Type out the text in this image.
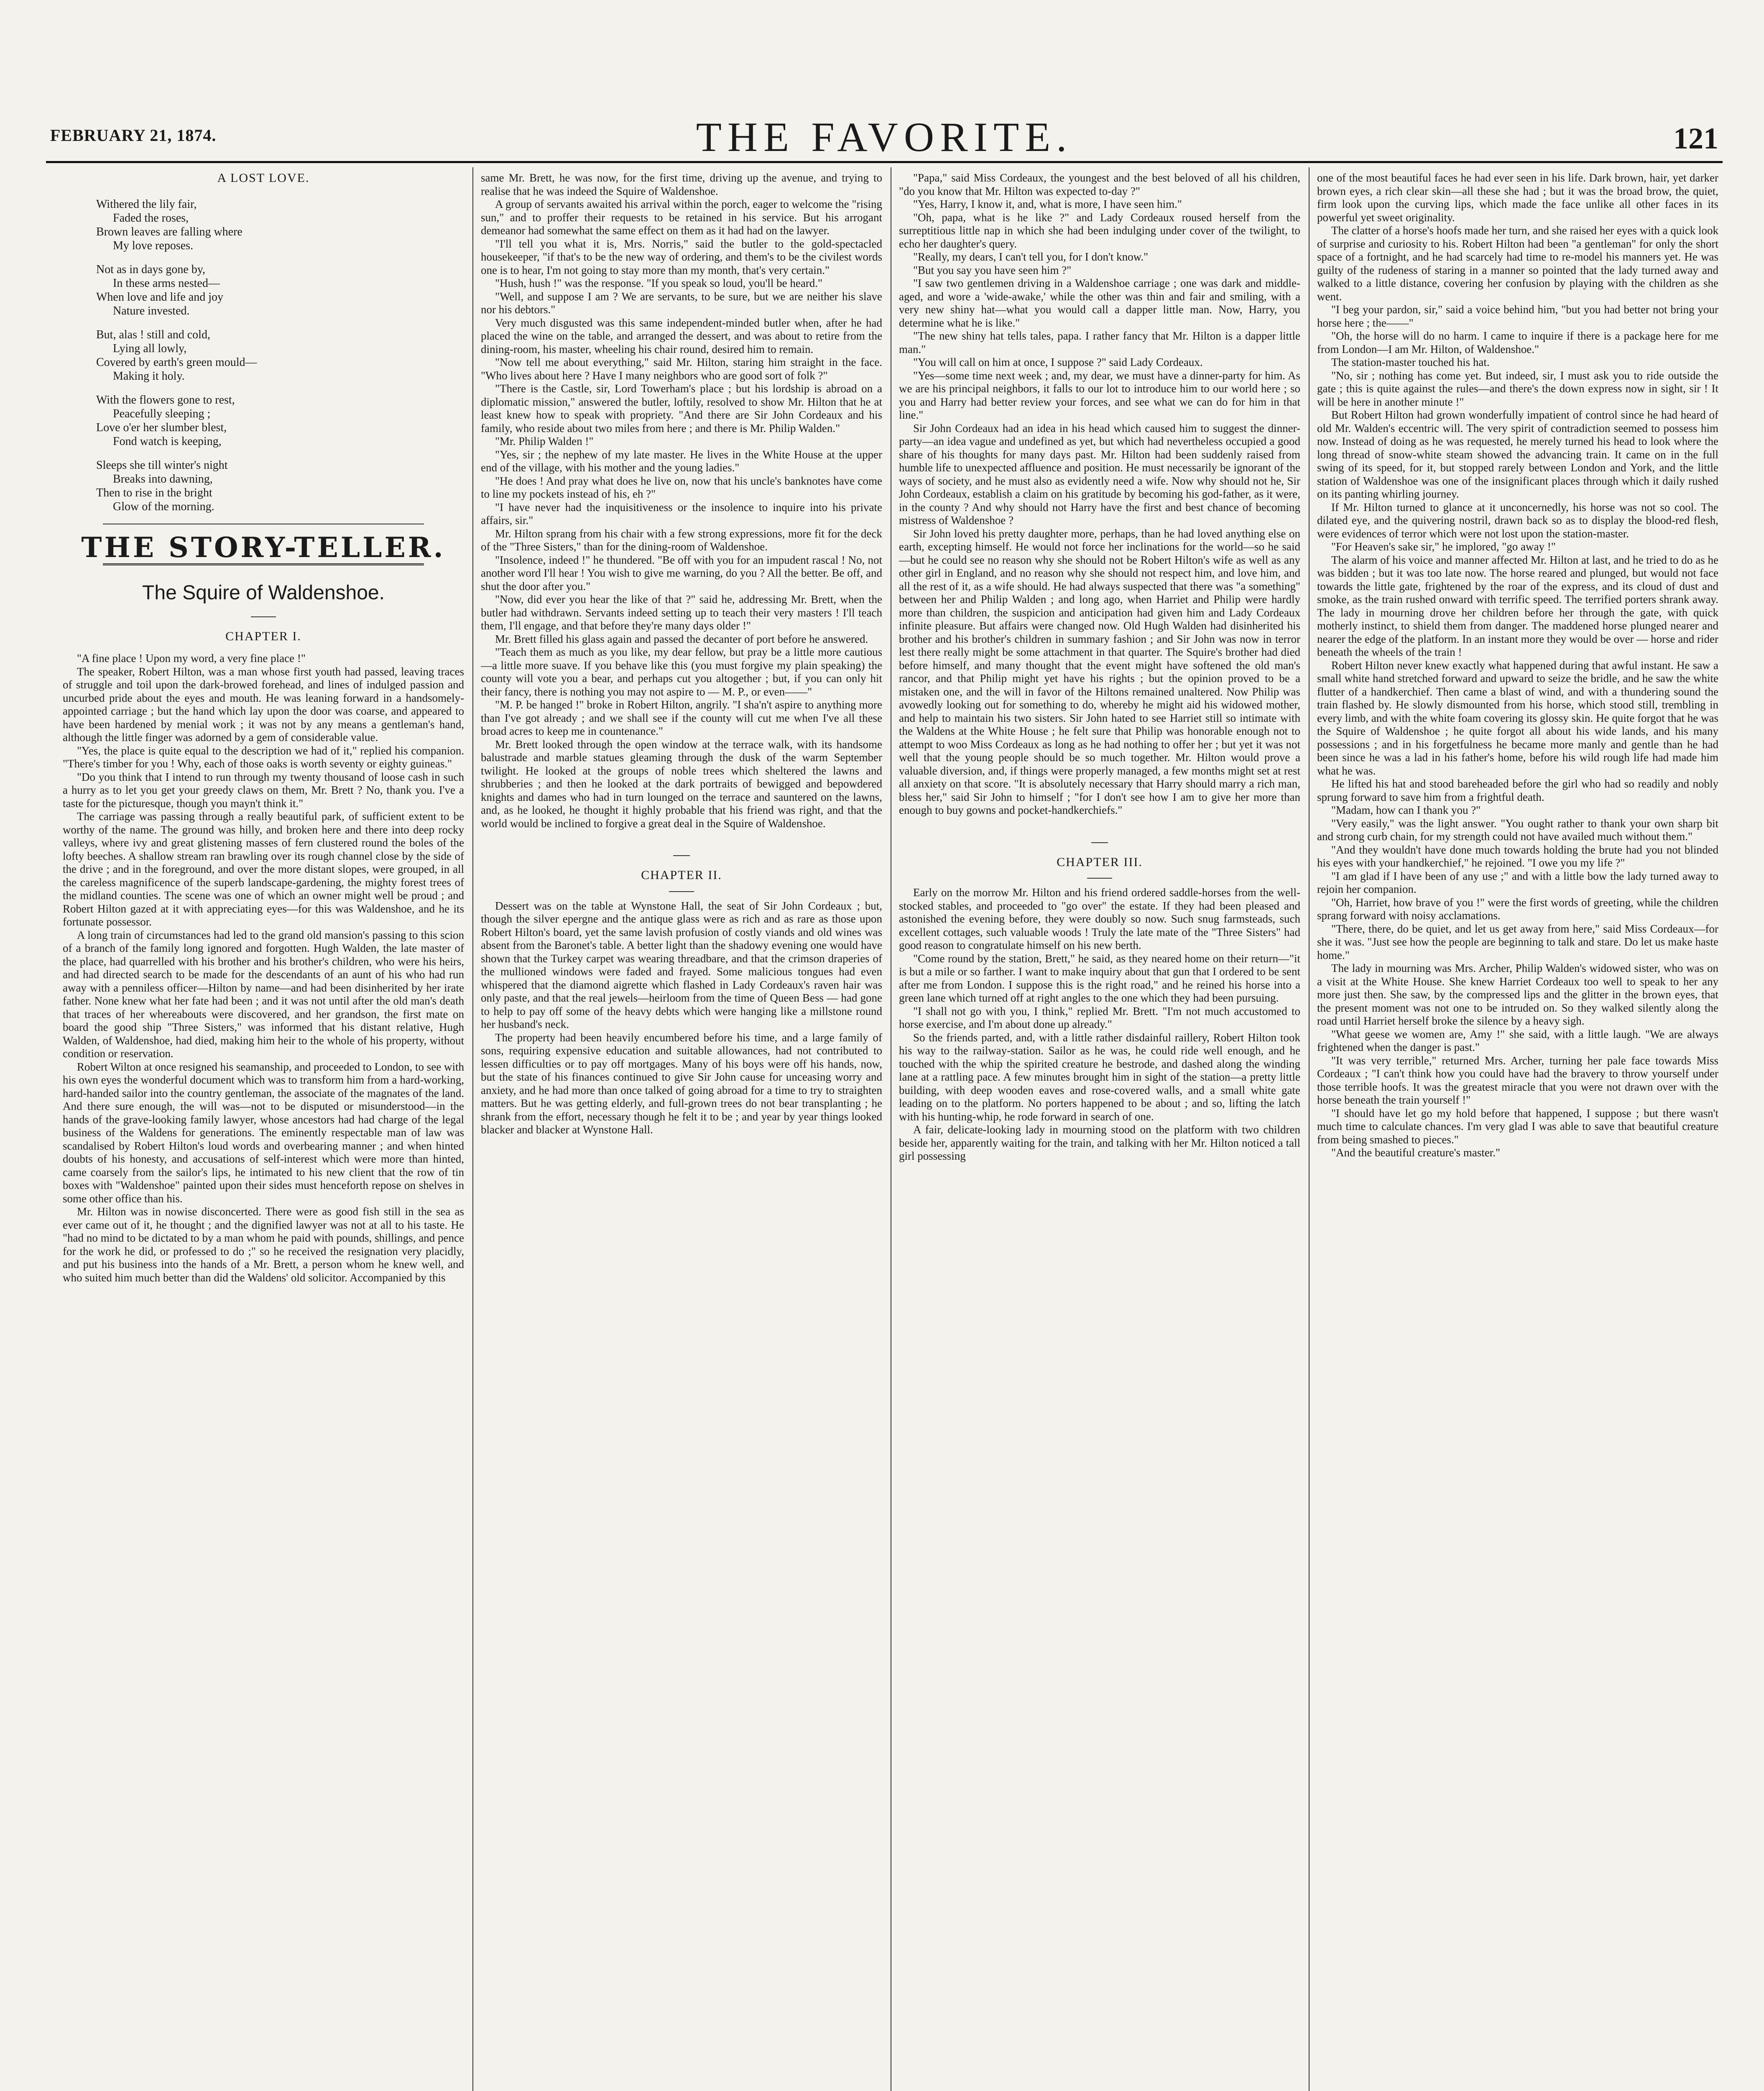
FEBRUARY 21, 1874.	THE FAVORITE.	121
A LOST LOVE.
Withered the lily fair,
Faded the roses,
Brown leaves are falling where
My love reposes.
Not as in days gone by,
In these arms nested—
When love and life and joy
Nature invested.
But, alas ! still and cold,
Lying all lowly,
Covered by earth's green mould—
Making it holy.
With the flowers gone to rest,
Peacefully sleeping ;
Love o'er her slumber blest,
Fond watch is keeping,
Sleeps she till winter's night
Breaks into dawning,
Then to rise in the bright
Glow of the morning.
THE STORY-TELLER.
The Squire of Waldenshoe.
CHAPTER I.

"A fine place ! Upon my word, a very fine place !"

The speaker, Robert Hilton, was a man whose first youth had passed, leaving traces of struggle and toil upon the dark-browed forehead, and lines of indulged passion and uncurbed pride about the eyes and mouth. He was leaning forward in a handsomely-appointed carriage ; but the hand which lay upon the door was coarse, and appeared to have been hardened by menial work ; it was not by any means a gentleman's hand, although the little finger was adorned by a gem of considerable value.

"Yes, the place is quite equal to the description we had of it," replied his companion. "There's timber for you ! Why, each of those oaks is worth seventy or eighty guineas."

"Do you think that I intend to run through my twenty thousand of loose cash in such a hurry as to let you get your greedy claws on them, Mr. Brett ? No, thank you. I've a taste for the picturesque, though you mayn't think it."

The carriage was passing through a really beautiful park, of sufficient extent to be worthy of the name. The ground was hilly, and broken here and there into deep rocky valleys, where ivy and great glistening masses of fern clustered round the boles of the lofty beeches. A shallow stream ran brawling over its rough channel close by the side of the drive ; and in the foreground, and over the more distant slopes, were grouped, in all the careless magnificence of the superb landscape-gardening, the mighty forest trees of the midland counties. The scene was one of which an owner might well be proud ; and Robert Hilton gazed at it with appreciating eyes—for this was Waldenshoe, and he its fortunate possessor.

A long train of circumstances had led to the grand old mansion's passing to this scion of a branch of the family long ignored and forgotten. Hugh Walden, the late master of the place, had quarrelled with his brother and his brother's children, who were his heirs, and had directed search to be made for the descendants of an aunt of his who had run away with a penniless officer—Hilton by name—and had been disinherited by her irate father. None knew what her fate had been ; and it was not until after the old man's death that traces of her whereabouts were discovered, and her grandson, the first mate on board the good ship "Three Sisters," was informed that his distant relative, Hugh Walden, of Waldenshoe, had died, making him heir to the whole of his property, without condition or reservation.

Robert Wilton at once resigned his seamanship, and proceeded to London, to see with his own eyes the wonderful document which was to transform him from a hard-working, hard-handed sailor into the country gentleman, the associate of the magnates of the land. And there sure enough, the will was—not to be disputed or misunderstood—in the hands of the grave-looking family lawyer, whose ancestors had had charge of the legal business of the Waldens for generations. The eminently respectable man of law was scandalised by Robert Hilton's loud words and overbearing manner ; and when hinted doubts of his honesty, and accusations of self-interest which were more than hinted, came coarsely from the sailor's lips, he intimated to his new client that the row of tin boxes with "Waldenshoe" painted upon their sides must henceforth repose on shelves in some other office than his.

Mr. Hilton was in nowise disconcerted. There were as good fish still in the sea as ever came out of it, he thought ; and the dignified lawyer was not at all to his taste. He "had no mind to be dictated to by a man whom he paid with pounds, shillings, and pence for the work he did, or professed to do ;" so he received the resignation very placidly, and put his business into the hands of a Mr. Brett, a person whom he knew well, and who suited him much better than did the Waldens' old solicitor. Accompanied by this

same Mr. Brett, he was now, for the first time, driving up the avenue, and trying to realise that he was indeed the Squire of Waldenshoe.

A group of servants awaited his arrival within the porch, eager to welcome the "rising sun," and to proffer their requests to be retained in his service. But his arrogant demeanor had somewhat the same effect on them as it had had on the lawyer.

"I'll tell you what it is, Mrs. Norris," said the butler to the gold-spectacled housekeeper, "if that's to be the new way of ordering, and them's to be the civilest words one is to hear, I'm not going to stay more than my month, that's very certain."

"Hush, hush !" was the response. "If you speak so loud, you'll be heard."

"Well, and suppose I am ? We are servants, to be sure, but we are neither his slave nor his debtors."

Very much disgusted was this same independent-minded butler when, after he had placed the wine on the table, and arranged the dessert, and was about to retire from the dining-room, his master, wheeling his chair round, desired him to remain.

"Now tell me about everything," said Mr. Hilton, staring him straight in the face. "Who lives about here ? Have I many neighbors who are good sort of folk ?"

"There is the Castle, sir, Lord Towerham's place ; but his lordship is abroad on a diplomatic mission," answered the butler, loftily, resolved to show Mr. Hilton that he at least knew how to speak with propriety. "And there are Sir John Cordeaux and his family, who reside about two miles from here ; and there is Mr. Philip Walden."

"Mr. Philip Walden !"

"Yes, sir ; the nephew of my late master. He lives in the White House at the upper end of the village, with his mother and the young ladies."

"He does ! And pray what does he live on, now that his uncle's banknotes have come to line my pockets instead of his, eh ?"

"I have never had the inquisitiveness or the insolence to inquire into his private affairs, sir."

Mr. Hilton sprang from his chair with a few strong expressions, more fit for the deck of the "Three Sisters," than for the dining-room of Waldenshoe.

"Insolence, indeed !" he thundered. "Be off with you for an impudent rascal ! No, not another word I'll hear ! You wish to give me warning, do you ? All the better. Be off, and shut the door after you."

"Now, did ever you hear the like of that ?" said he, addressing Mr. Brett, when the butler had withdrawn. Servants indeed setting up to teach their very masters ! I'll teach them, I'll engage, and that before they're many days older !"

Mr. Brett filled his glass again and passed the decanter of port before he answered.

"Teach them as much as you like, my dear fellow, but pray be a little more cautious—a little more suave. If you behave like this (you must forgive my plain speaking) the county will vote you a bear, and perhaps cut you altogether ; but, if you can only hit their fancy, there is nothing you may not aspire to — M. P., or even——"

"M. P. be hanged !" broke in Robert Hilton, angrily. "I sha'n't aspire to anything more than I've got already ; and we shall see if the county will cut me when I've all these broad acres to keep me in countenance."

Mr. Brett looked through the open window at the terrace walk, with its handsome balustrade and marble statues gleaming through the dusk of the warm September twilight. He looked at the groups of noble trees which sheltered the lawns and shrubberies ; and then he looked at the dark portraits of bewigged and bepowdered knights and dames who had in turn lounged on the terrace and sauntered on the lawns, and, as he looked, he thought it highly probable that his friend was right, and that the world would be inclined to forgive a great deal in the Squire of Waldenshoe.

CHAPTER II.

Dessert was on the table at Wynstone Hall, the seat of Sir John Cordeaux ; but, though the silver epergne and the antique glass were as rich and as rare as those upon Robert Hilton's board, yet the same lavish profusion of costly viands and old wines was absent from the Baronet's table. A better light than the shadowy evening one would have shown that the Turkey carpet was wearing threadbare, and that the crimson draperies of the mullioned windows were faded and frayed. Some malicious tongues had even whispered that the diamond aigrette which flashed in Lady Cordeaux's raven hair was only paste, and that the real jewels—heirloom from the time of Queen Bess — had gone to help to pay off some of the heavy debts which were hanging like a millstone round her husband's neck.

The property had been heavily encumbered before his time, and a large family of sons, requiring expensive education and suitable allowances, had not contributed to lessen difficulties or to pay off mortgages. Many of his boys were off his hands, now, but the state of his finances continued to give Sir John cause for unceasing worry and anxiety, and he had more than once talked of going abroad for a time to try to straighten matters. But he was getting elderly, and full-grown trees do not bear transplanting ; he shrank from the effort, necessary though he felt it to be ; and year by year things looked blacker and blacker at Wynstone Hall.

"Papa," said Miss Cordeaux, the youngest and the best beloved of all his children, "do you know that Mr. Hilton was expected to-day ?"

"Yes, Harry, I know it, and, what is more, I have seen him."

"Oh, papa, what is he like ?" and Lady Cordeaux roused herself from the surreptitious little nap in which she had been indulging under cover of the twilight, to echo her daughter's query.

"Really, my dears, I can't tell you, for I don't know."

"But you say you have seen him ?"

"I saw two gentlemen driving in a Waldenshoe carriage ; one was dark and middle-aged, and wore a 'wide-awake,' while the other was thin and fair and smiling, with a very new shiny hat—what you would call a dapper little man. Now, Harry, you determine what he is like."

"The new shiny hat tells tales, papa. I rather fancy that Mr. Hilton is a dapper little man."

"You will call on him at once, I suppose ?" said Lady Cordeaux.

"Yes—some time next week ; and, my dear, we must have a dinner-party for him. As we are his principal neighbors, it falls to our lot to introduce him to our world here ; so you and Harry had better review your forces, and see what we can do for him in that line."

Sir John Cordeaux had an idea in his head which caused him to suggest the dinner-party—an idea vague and undefined as yet, but which had nevertheless occupied a good share of his thoughts for many days past. Mr. Hilton had been suddenly raised from humble life to unexpected affluence and position. He must necessarily be ignorant of the ways of society, and he must also as evidently need a wife. Now why should not he, Sir John Cordeaux, establish a claim on his gratitude by becoming his god-father, as it were, in the county ? And why should not Harry have the first and best chance of becoming mistress of Waldenshoe ?

Sir John loved his pretty daughter more, perhaps, than he had loved anything else on earth, excepting himself. He would not force her inclinations for the world—so he said—but he could see no reason why she should not be Robert Hilton's wife as well as any other girl in England, and no reason why she should not respect him, and love him, and all the rest of it, as a wife should. He had always suspected that there was "a something" between her and Philip Walden ; and long ago, when Harriet and Philip were hardly more than children, the suspicion and anticipation had given him and Lady Cordeaux infinite pleasure. But affairs were changed now. Old Hugh Walden had disinherited his brother and his brother's children in summary fashion ; and Sir John was now in terror lest there really might be some attachment in that quarter. The Squire's brother had died before himself, and many thought that the event might have softened the old man's rancor, and that Philip might yet have his rights ; but the opinion proved to be a mistaken one, and the will in favor of the Hiltons remained unaltered. Now Philip was avowedly looking out for something to do, whereby he might aid his widowed mother, and help to maintain his two sisters. Sir John hated to see Harriet still so intimate with the Waldens at the White House ; he felt sure that Philip was honorable enough not to attempt to woo Miss Cordeaux as long as he had nothing to offer her ; but yet it was not well that the young people should be so much together. Mr. Hilton would prove a valuable diversion, and, if things were properly managed, a few months might set at rest all anxiety on that score. "It is absolutely necessary that Harry should marry a rich man, bless her," said Sir John to himself ; "for I don't see how I am to give her more than enough to buy gowns and pocket-handkerchiefs."

CHAPTER III.

Early on the morrow Mr. Hilton and his friend ordered saddle-horses from the well-stocked stables, and proceeded to "go over" the estate. If they had been pleased and astonished the evening before, they were doubly so now. Such snug farmsteads, such excellent cottages, such valuable woods ! Truly the late mate of the "Three Sisters" had good reason to congratulate himself on his new berth.

"Come round by the station, Brett," he said, as they neared home on their return—"it is but a mile or so farther. I want to make inquiry about that gun that I ordered to be sent after me from London. I suppose this is the right road," and he reined his horse into a green lane which turned off at right angles to the one which they had been pursuing.

"I shall not go with you, I think," replied Mr. Brett. "I'm not much accustomed to horse exercise, and I'm about done up already."

So the friends parted, and, with a little rather disdainful raillery, Robert Hilton took his way to the railway-station. Sailor as he was, he could ride well enough, and he touched with the whip the spirited creature he bestrode, and dashed along the winding lane at a rattling pace. A few minutes brought him in sight of the station—a pretty little building, with deep wooden eaves and rose-covered walls, and a small white gate leading on to the platform. No porters happened to be about ; and so, lifting the latch with his hunting-whip, he rode forward in search of one.

A fair, delicate-looking lady in mourning stood on the platform with two children beside her, apparently waiting for the train, and talking with her Mr. Hilton noticed a tall girl possessing

one of the most beautiful faces he had ever seen in his life. Dark brown, hair, yet darker brown eyes, a rich clear skin—all these she had ; but it was the broad brow, the quiet, firm look upon the curving lips, which made the face unlike all other faces in its powerful yet sweet originality.

The clatter of a horse's hoofs made her turn, and she raised her eyes with a quick look of surprise and curiosity to his. Robert Hilton had been "a gentleman" for only the short space of a fortnight, and he had scarcely had time to re-model his manners yet. He was guilty of the rudeness of staring in a manner so pointed that the lady turned away and walked to a little distance, covering her confusion by playing with the children as she went.

"I beg your pardon, sir," said a voice behind him, "but you had better not bring your horse here ; the——"

"Oh, the horse will do no harm. I came to inquire if there is a package here for me from London—I am Mr. Hilton, of Waldenshoe."

The station-master touched his hat.

"No, sir ; nothing has come yet. But indeed, sir, I must ask you to ride outside the gate ; this is quite against the rules—and there's the down express now in sight, sir ! It will be here in another minute !"

But Robert Hilton had grown wonderfully impatient of control since he had heard of old Mr. Walden's eccentric will. The very spirit of contradiction seemed to possess him now. Instead of doing as he was requested, he merely turned his head to look where the long thread of snow-white steam showed the advancing train. It came on in the full swing of its speed, for it, but stopped rarely between London and York, and the little station of Waldenshoe was one of the insignificant places through which it daily rushed on its panting whirling journey.

If Mr. Hilton turned to glance at it unconcernedly, his horse was not so cool. The dilated eye, and the quivering nostril, drawn back so as to display the blood-red flesh, were evidences of terror which were not lost upon the station-master.

"For Heaven's sake sir," he implored, "go away !"

The alarm of his voice and manner affected Mr. Hilton at last, and he tried to do as he was bidden ; but it was too late now. The horse reared and plunged, but would not face towards the little gate, frightened by the roar of the express, and its cloud of dust and smoke, as the train rushed onward with terrific speed. The terrified porters shrank away. The lady in mourning drove her children before her through the gate, with quick motherly instinct, to shield them from danger. The maddened horse plunged nearer and nearer the edge of the platform. In an instant more they would be over — horse and rider beneath the wheels of the train !

Robert Hilton never knew exactly what happened during that awful instant. He saw a small white hand stretched forward and upward to seize the bridle, and he saw the white flutter of a handkerchief. Then came a blast of wind, and with a thundering sound the train flashed by. He slowly dismounted from his horse, which stood still, trembling in every limb, and with the white foam covering its glossy skin. He quite forgot that he was the Squire of Waldenshoe ; he quite forgot all about his wide lands, and his many possessions ; and in his forgetfulness he became more manly and gentle than he had been since he was a lad in his father's home, before his wild rough life had made him what he was.

He lifted his hat and stood bareheaded before the girl who had so readily and nobly sprung forward to save him from a frightful death.

"Madam, how can I thank you ?"

"Very easily," was the light answer. "You ought rather to thank your own sharp bit and strong curb chain, for my strength could not have availed much without them."

"And they wouldn't have done much towards holding the brute had you not blinded his eyes with your handkerchief," he rejoined. "I owe you my life ?"

"I am glad if I have been of any use ;" and with a little bow the lady turned away to rejoin her companion.

"Oh, Harriet, how brave of you !" were the first words of greeting, while the children sprang forward with noisy acclamations.

"There, there, do be quiet, and let us get away from here," said Miss Cordeaux—for she it was. "Just see how the people are beginning to talk and stare. Do let us make haste home."

The lady in mourning was Mrs. Archer, Philip Walden's widowed sister, who was on a visit at the White House. She knew Harriet Cordeaux too well to speak to her any more just then. She saw, by the compressed lips and the glitter in the brown eyes, that the present moment was not one to be intruded on. So they walked silently along the road until Harriet herself broke the silence by a heavy sigh.

"What geese we women are, Amy !" she said, with a little laugh. "We are always frightened when the danger is past."

"It was very terrible," returned Mrs. Archer, turning her pale face towards Miss Cordeaux ; "I can't think how you could have had the bravery to throw yourself under those terrible hoofs. It was the greatest miracle that you were not drawn over with the horse beneath the train yourself !"

"I should have let go my hold before that happened, I suppose ; but there wasn't much time to calculate chances. I'm very glad I was able to save that beautiful creature from being smashed to pieces."

"And the beautiful creature's master."
